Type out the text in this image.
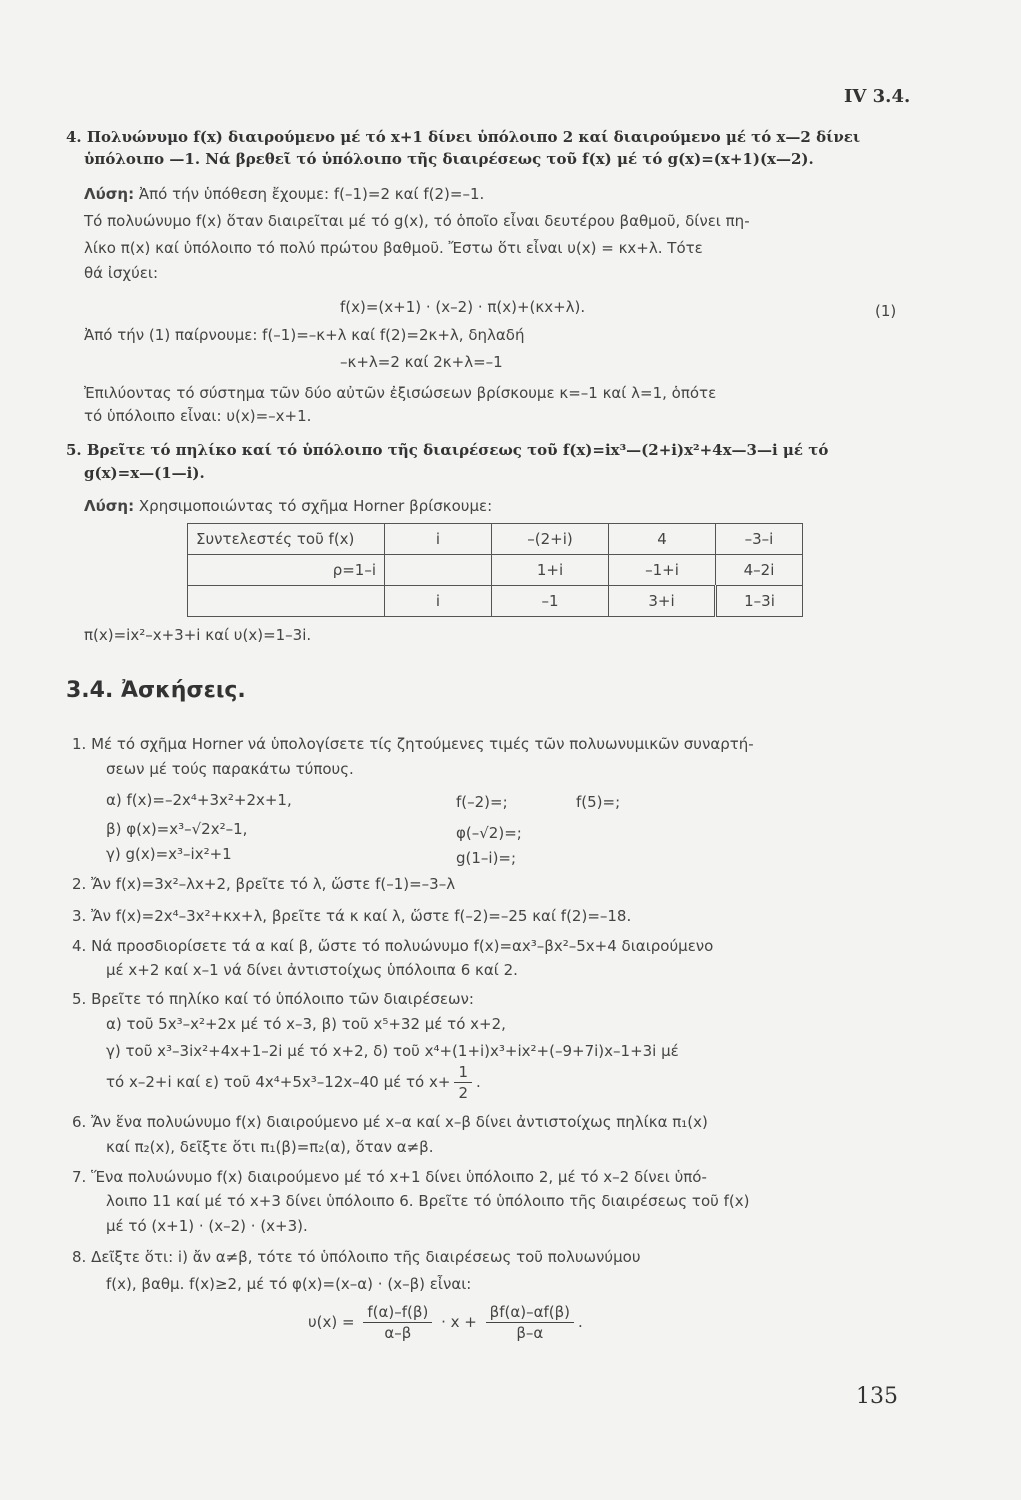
IV 3.4.
4. Πολυώνυμο f(x) διαιρούμενο μέ τό x+1 δίνει ὑπόλοιπο 2 καί διαιρούμενο μέ τό x—2 δίνει
ὑπόλοιπο —1. Νά βρεθεῖ τό ὑπόλοιπο τῆς διαιρέσεως τοῦ f(x) μέ τό g(x)=(x+1)(x—2).
Λύση: Ἀπό τήν ὑπόθεση ἔχουμε: f(–1)=2 καί f(2)=–1.
Τό πολυώνυμο f(x) ὅταν διαιρεῖται μέ τό g(x), τό ὁποῖο εἶναι δευτέρου βαθμοῦ, δίνει πη-
λίκο π(x) καί ὑπόλοιπο τό πολύ πρώτου βαθμοῦ. Ἔστω ὅτι εἶναι υ(x) = κx+λ. Τότε
θά ἰσχύει:
f(x)=(x+1) · (x–2) · π(x)+(κx+λ).	(1)
Ἀπό τήν (1) παίρνουμε: f(–1)=–κ+λ καί f(2)=2κ+λ, δηλαδή
–κ+λ=2 καί 2κ+λ=–1
Ἐπιλύοντας τό σύστημα τῶν δύο αὐτῶν ἐξισώσεων βρίσκουμε κ=–1 καί λ=1, ὁπότε
τό ὑπόλοιπο εἶναι: υ(x)=–x+1.
5. Βρεῖτε τό πηλίκο καί τό ὑπόλοιπο τῆς διαιρέσεως τοῦ f(x)=ix³—(2+i)x²+4x—3—i μέ τό
g(x)=x—(1—i).
Λύση: Χρησιμοποιώντας τό σχῆμα Horner βρίσκουμε:
Συντελεστές τοῦ f(x)	i	–(2+i)	4	–3–i
ρ=1–i		1+i	–1+i	4–2i
	i	–1	3+i	1–3i
π(x)=ix²–x+3+i καί υ(x)=1–3i.
3.4. Ἀσκήσεις.
1. Μέ τό σχῆμα Horner νά ὑπολογίσετε τίς ζητούμενες τιμές τῶν πολυωνυμικῶν συναρτή-
σεων μέ τούς παρακάτω τύπους.
α) f(x)=–2x⁴+3x²+2x+1,	f(–2)=;	f(5)=;
β) φ(x)=x³–√2x²–1,	φ(–√2)=;
γ) g(x)=x³–ix²+1	g(1–i)=;
2. Ἄν f(x)=3x²–λx+2, βρεῖτε τό λ, ὥστε f(–1)=–3–λ
3. Ἄν f(x)=2x⁴–3x²+κx+λ, βρεῖτε τά κ καί λ, ὥστε f(–2)=–25 καί f(2)=–18.
4. Νά προσδιορίσετε τά α καί β, ὥστε τό πολυώνυμο f(x)=αx³–βx²–5x+4 διαιρούμενο
μέ x+2 καί x–1 νά δίνει ἀντιστοίχως ὑπόλοιπα 6 καί 2.
5. Βρεῖτε τό πηλίκο καί τό ὑπόλοιπο τῶν διαιρέσεων:
α) τοῦ 5x³–x²+2x μέ τό x–3, β) τοῦ x⁵+32 μέ τό x+2,
γ) τοῦ x³–3ix²+4x+1–2i μέ τό x+2, δ) τοῦ x⁴+(1+i)x³+ix²+(–9+7i)x–1+3i μέ
τό x–2+i καί ε) τοῦ 4x⁴+5x³–12x–40 μέ τό $x+ \frac{1}{2}$ .
6. Ἄν ἕνα πολυώνυμο f(x) διαιρούμενο μέ x–α καί x–β δίνει ἀντιστοίχως πηλίκα π₁(x)
καί π₂(x), δεῖξτε ὅτι π₁(β)=π₂(α), ὅταν α≠β.
7. Ἕνα πολυώνυμο f(x) διαιρούμενο μέ τό x+1 δίνει ὑπόλοιπο 2, μέ τό x–2 δίνει ὑπό-
λοιπο 11 καί μέ τό x+3 δίνει ὑπόλοιπο 6. Βρεῖτε τό ὑπόλοιπο τῆς διαιρέσεως τοῦ f(x)
μέ τό (x+1) · (x–2) · (x+3).
8. Δεῖξτε ὅτι: i) ἄν α≠β, τότε τό ὑπόλοιπο τῆς διαιρέσεως τοῦ πολυωνύμου
f(x), βαθμ. f(x)≥2, μέ τό φ(x)=(x–α) · (x–β) εἶναι:
$\upsilon(x) = \frac{f(\alpha)-f(\beta)}{\alpha-\beta} \cdot x + \frac{\beta f(\alpha)-\alpha f(\beta)}{\beta-\alpha}$ .
135
